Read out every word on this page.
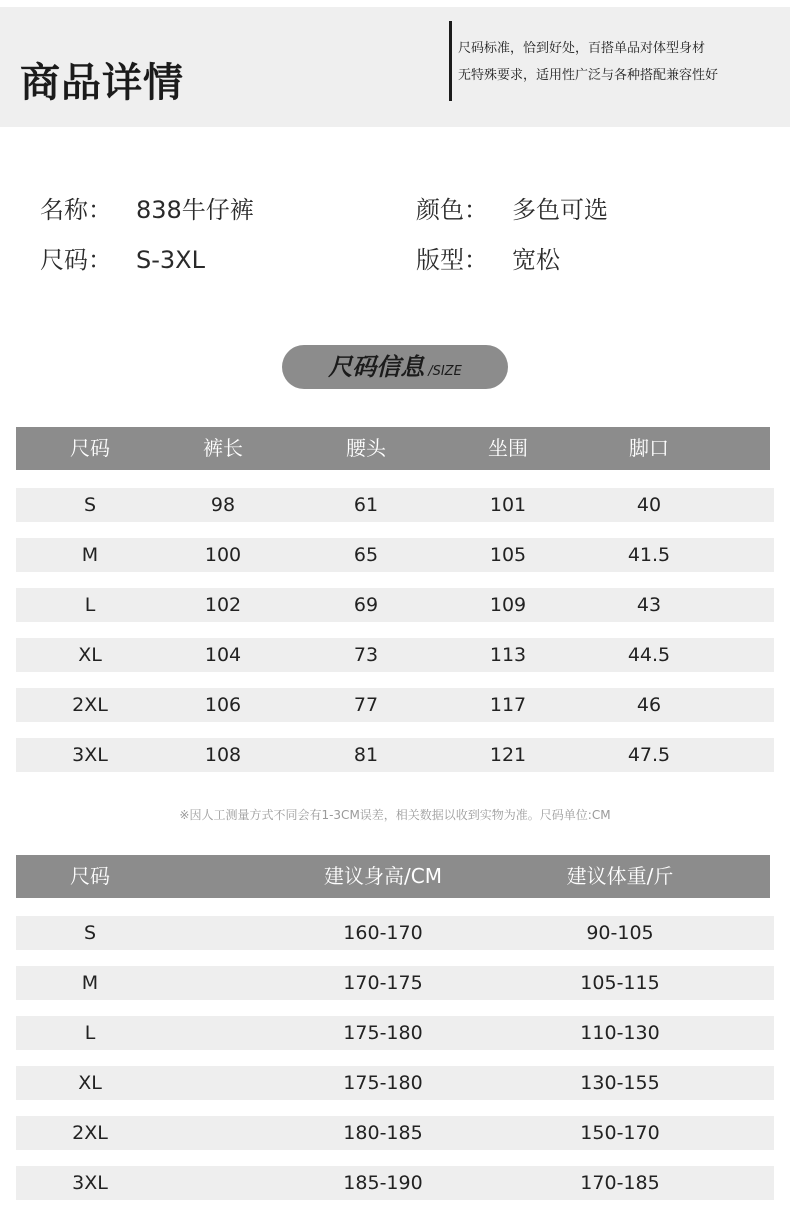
商品详情
尺码标准，恰到好处，百搭单品对体型身材
无特殊要求，适用性广泛与各种搭配兼容性好
名称： 838牛仔裤	颜色： 多色可选
尺码： S-3XL	版型： 宽松
尺码信息 /SIZE
尺码	裤长	腰头	坐围	脚口
S	98	61	101	40
M	100	65	105	41.5
L	102	69	109	43
XL	104	73	113	44.5
2XL	106	77	117	46
3XL	108	81	121	47.5
※因人工测量方式不同会有1-3CM误差，相关数据以收到实物为准。尺码单位:CM
尺码	建议身高/CM	建议体重/斤
S	160-170	90-105
M	170-175	105-115
L	175-180	110-130
XL	175-180	130-155
2XL	180-185	150-170
3XL	185-190	170-185
